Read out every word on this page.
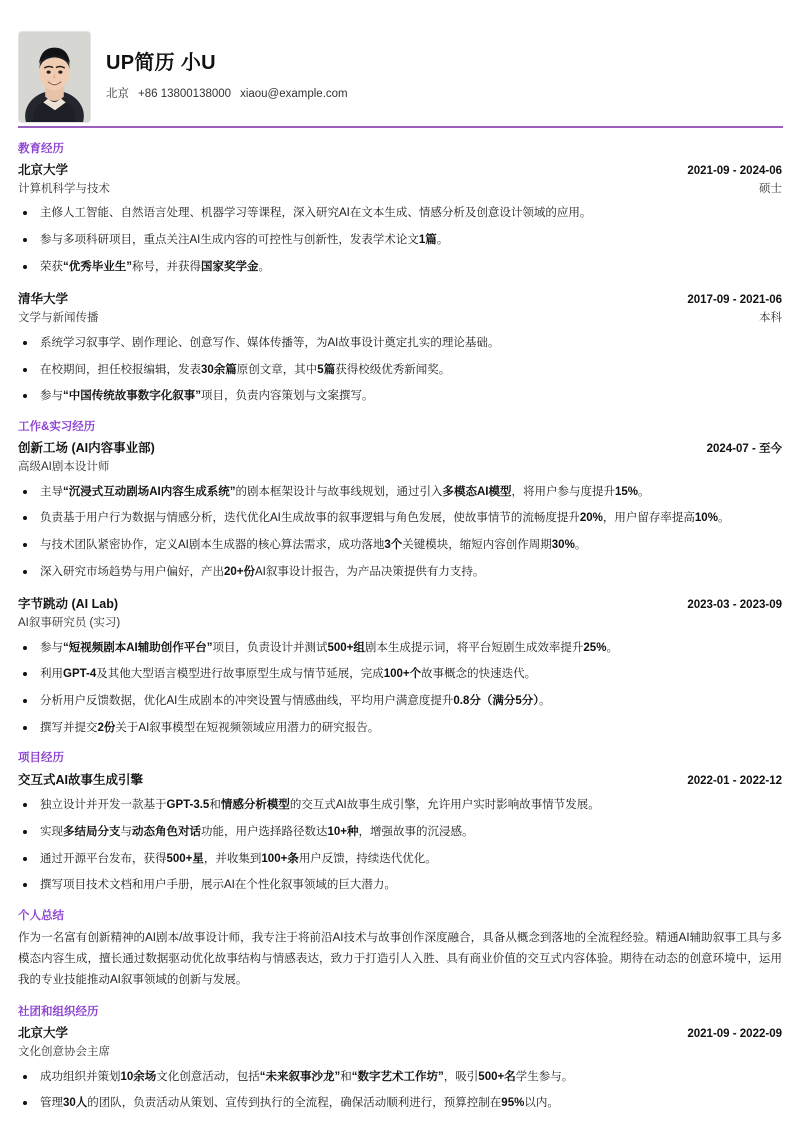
UP简历 小U
北京 +86 13800138000 xiaou@example.com
教育经历
北京大学	2021-09 - 2024-06
计算机科学与技术	硕士
主修人工智能、自然语言处理、机器学习等课程，深入研究AI在文本生成、情感分析及创意设计领域的应用。
参与多项科研项目，重点关注AI生成内容的可控性与创新性，发表学术论文1篇。
荣获“优秀毕业生”称号，并获得国家奖学金。
清华大学	2017-09 - 2021-06
文学与新闻传播	本科
系统学习叙事学、剧作理论、创意写作、媒体传播等，为AI故事设计奠定扎实的理论基础。
在校期间，担任校报编辑，发表30余篇原创文章，其中5篇获得校级优秀新闻奖。
参与“中国传统故事数字化叙事”项目，负责内容策划与文案撰写。
工作&实习经历
创新工场 (AI内容事业部)	2024-07 - 至今
高级AI剧本设计师
主导“沉浸式互动剧场AI内容生成系统”的剧本框架设计与故事线规划，通过引入多模态AI模型，将用户参与度提升15%。
负责基于用户行为数据与情感分析，迭代优化AI生成故事的叙事逻辑与角色发展，使故事情节的流畅度提升20%，用户留存率提高10%。
与技术团队紧密协作，定义AI剧本生成器的核心算法需求，成功落地3个关键模块，缩短内容创作周期30%。
深入研究市场趋势与用户偏好，产出20+份AI叙事设计报告，为产品决策提供有力支持。
字节跳动 (AI Lab)	2023-03 - 2023-09
AI叙事研究员 (实习)
参与“短视频剧本AI辅助创作平台”项目，负责设计并测试500+组剧本生成提示词，将平台短剧生成效率提升25%。
利用GPT-4及其他大型语言模型进行故事原型生成与情节延展，完成100+个故事概念的快速迭代。
分析用户反馈数据，优化AI生成剧本的冲突设置与情感曲线，平均用户满意度提升0.8分（满分5分）。
撰写并提交2份关于AI叙事模型在短视频领域应用潜力的研究报告。
项目经历
交互式AI故事生成引擎	2022-01 - 2022-12
独立设计并开发一款基于GPT-3.5和情感分析模型的交互式AI故事生成引擎，允许用户实时影响故事情节发展。
实现多结局分支与动态角色对话功能，用户选择路径数达10+种，增强故事的沉浸感。
通过开源平台发布，获得500+星，并收集到100+条用户反馈，持续迭代优化。
撰写项目技术文档和用户手册，展示AI在个性化叙事领域的巨大潜力。
个人总结
作为一名富有创新精神的AI剧本/故事设计师，我专注于将前沿AI技术与故事创作深度融合，具备从概念到落地的全流程经验。精通AI辅助叙事工具与多模态内容生成，擅长通过数据驱动优化故事结构与情感表达，致力于打造引人入胜、具有商业价值的交互式内容体验。期待在动态的创意环境中，运用我的专业技能推动AI叙事领域的创新与发展。
社团和组织经历
北京大学	2021-09 - 2022-09
文化创意协会主席
成功组织并策划10余场文化创意活动，包括“未来叙事沙龙”和“数字艺术工作坊”，吸引500+名学生参与。
管理30人的团队，负责活动从策划、宣传到执行的全流程，确保活动顺利进行，预算控制在95%以内。
